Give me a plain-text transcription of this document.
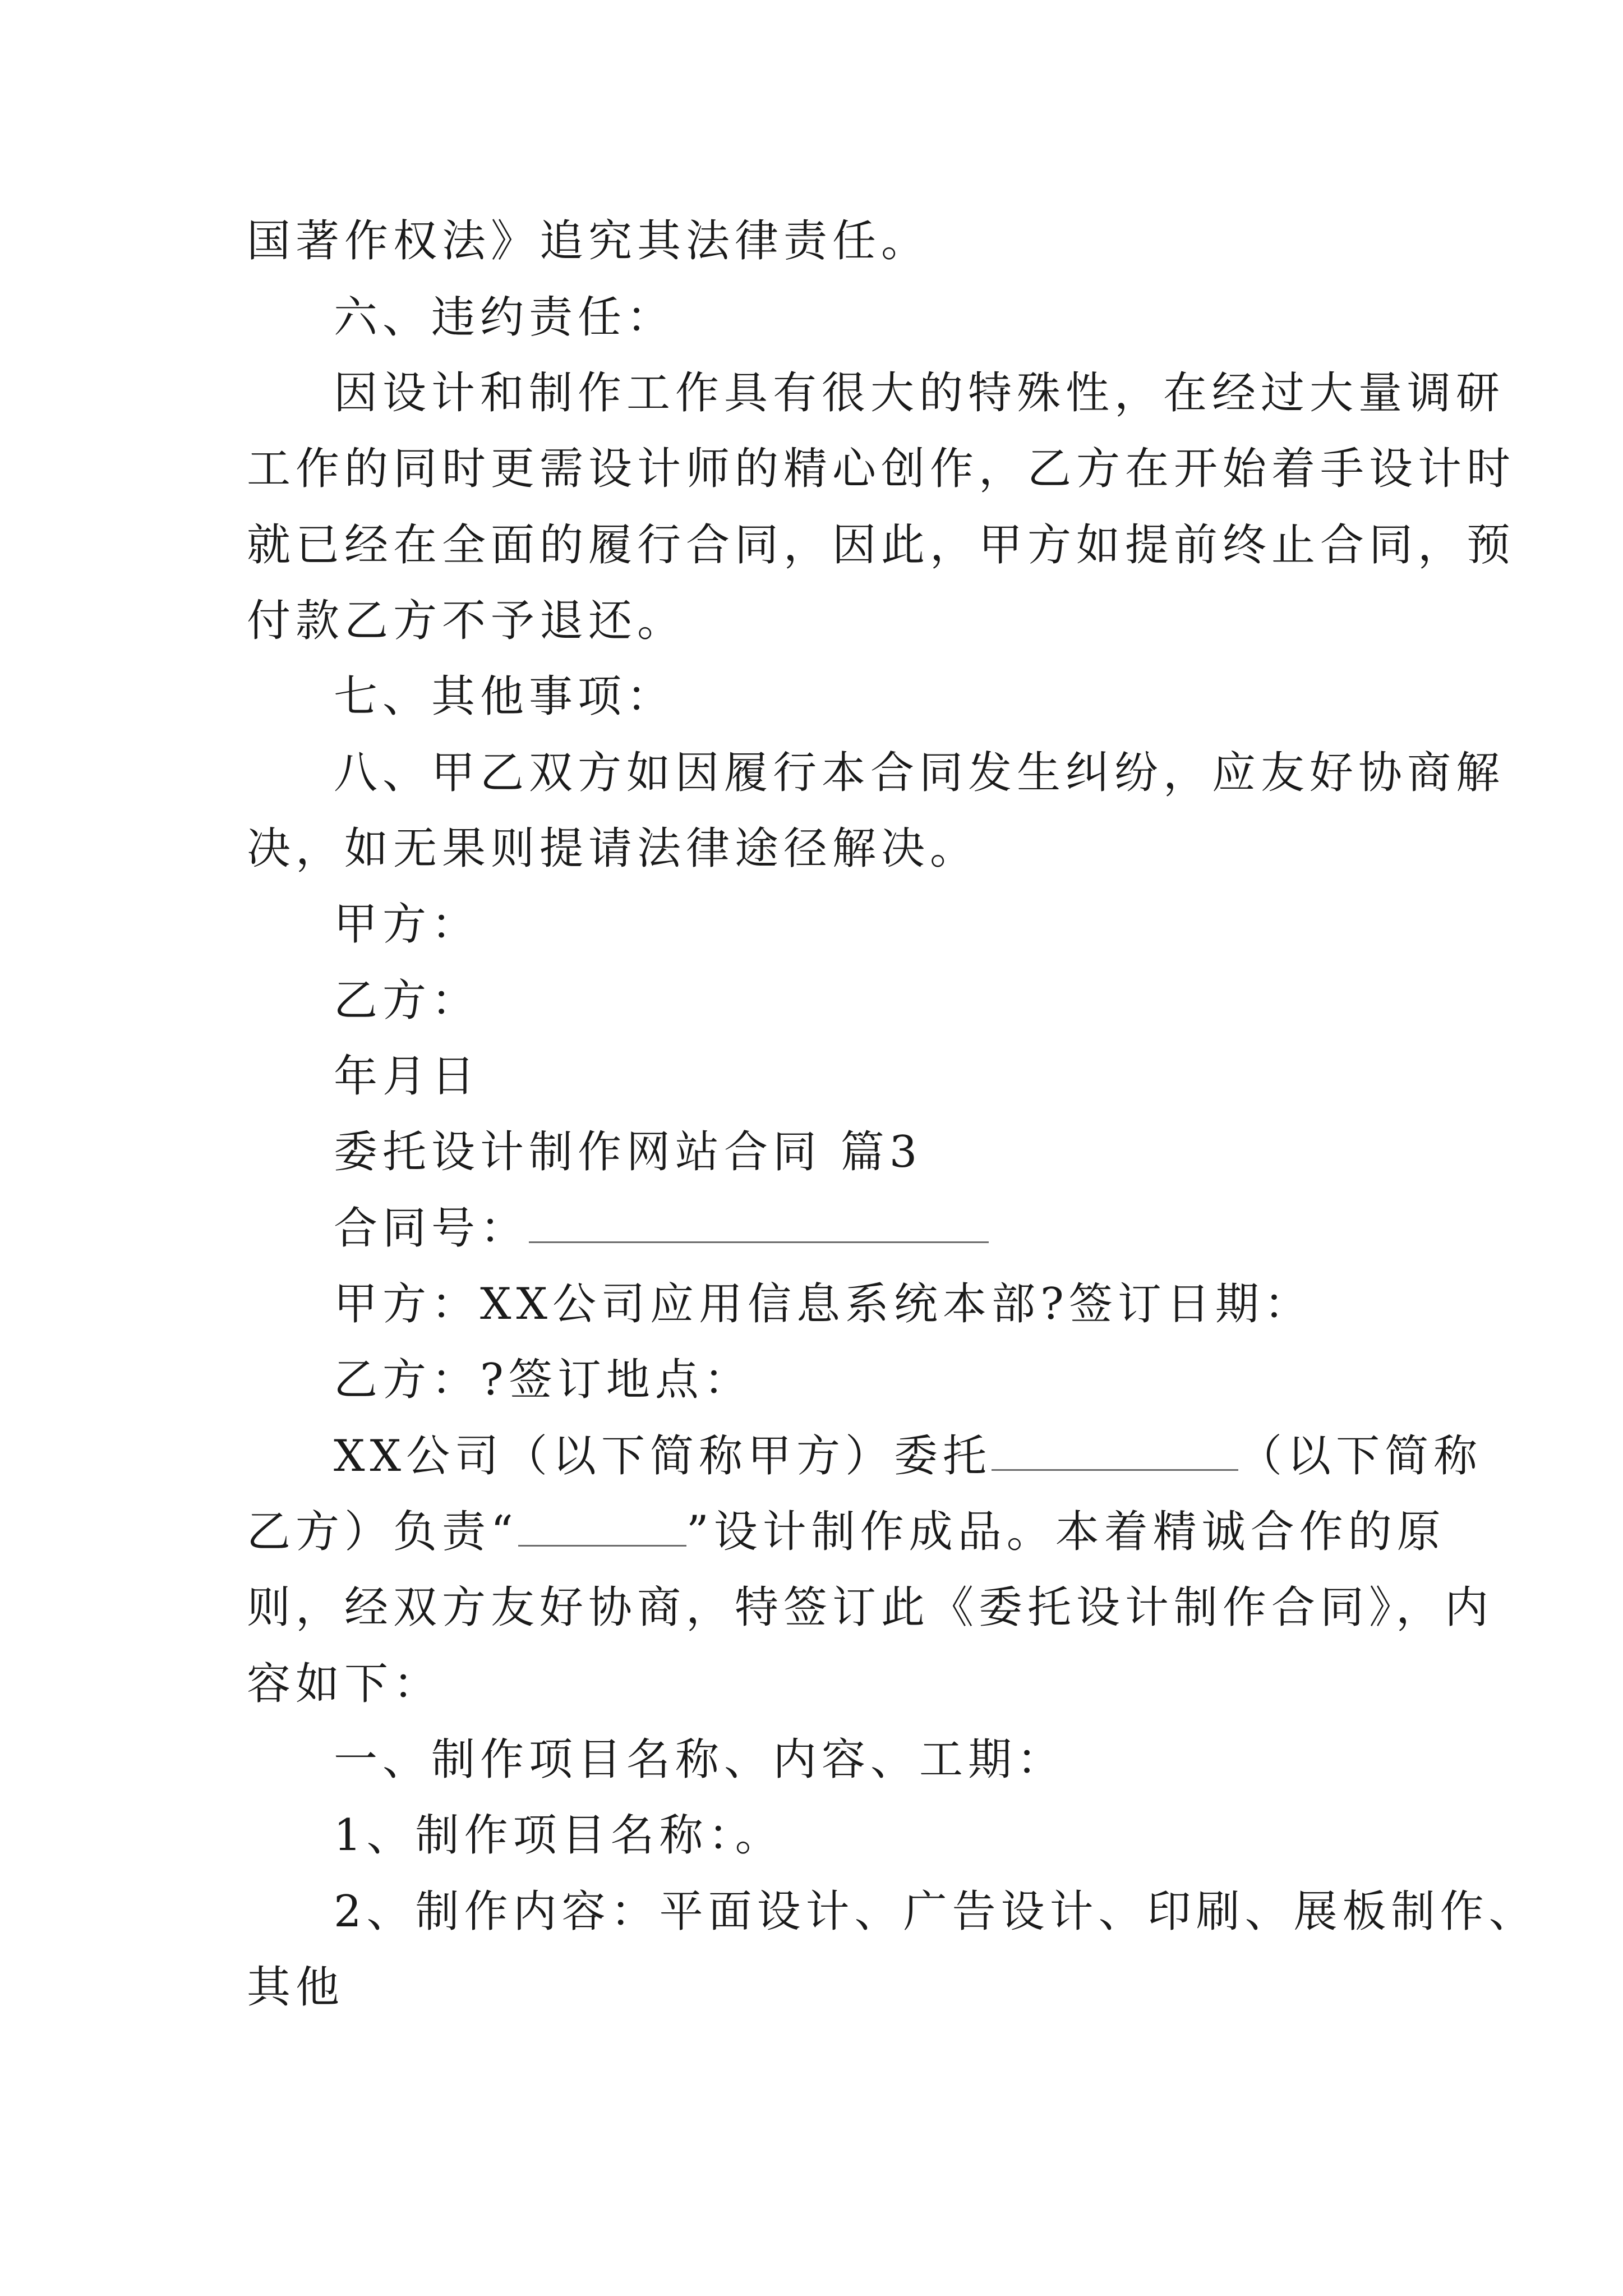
国著作权法》追究其法律责任。
六、违约责任：
因设计和制作工作具有很大的特殊性，在经过大量调研
工作的同时更需设计师的精心创作，乙方在开始着手设计时
就已经在全面的履行合同，因此，甲方如提前终止合同，预
付款乙方不予退还。
七、其他事项：
八、甲乙双方如因履行本合同发生纠纷，应友好协商解
决，如无果则提请法律途径解决。
甲方：
乙方：
年月日
委托设计制作网站合同 篇3
合同号：
甲方：XX公司应用信息系统本部?签订日期：
乙方：?签订地点：
XX公司（以下简称甲方）委托	（以下简称
乙方）负责“	”设计制作成品。本着精诚合作的原
则，经双方友好协商，特签订此《委托设计制作合同》，内
容如下：
一、制作项目名称、内容、工期：
1、制作项目名称：。
2、制作内容：平面设计、广告设计、印刷、展板制作、
其他
